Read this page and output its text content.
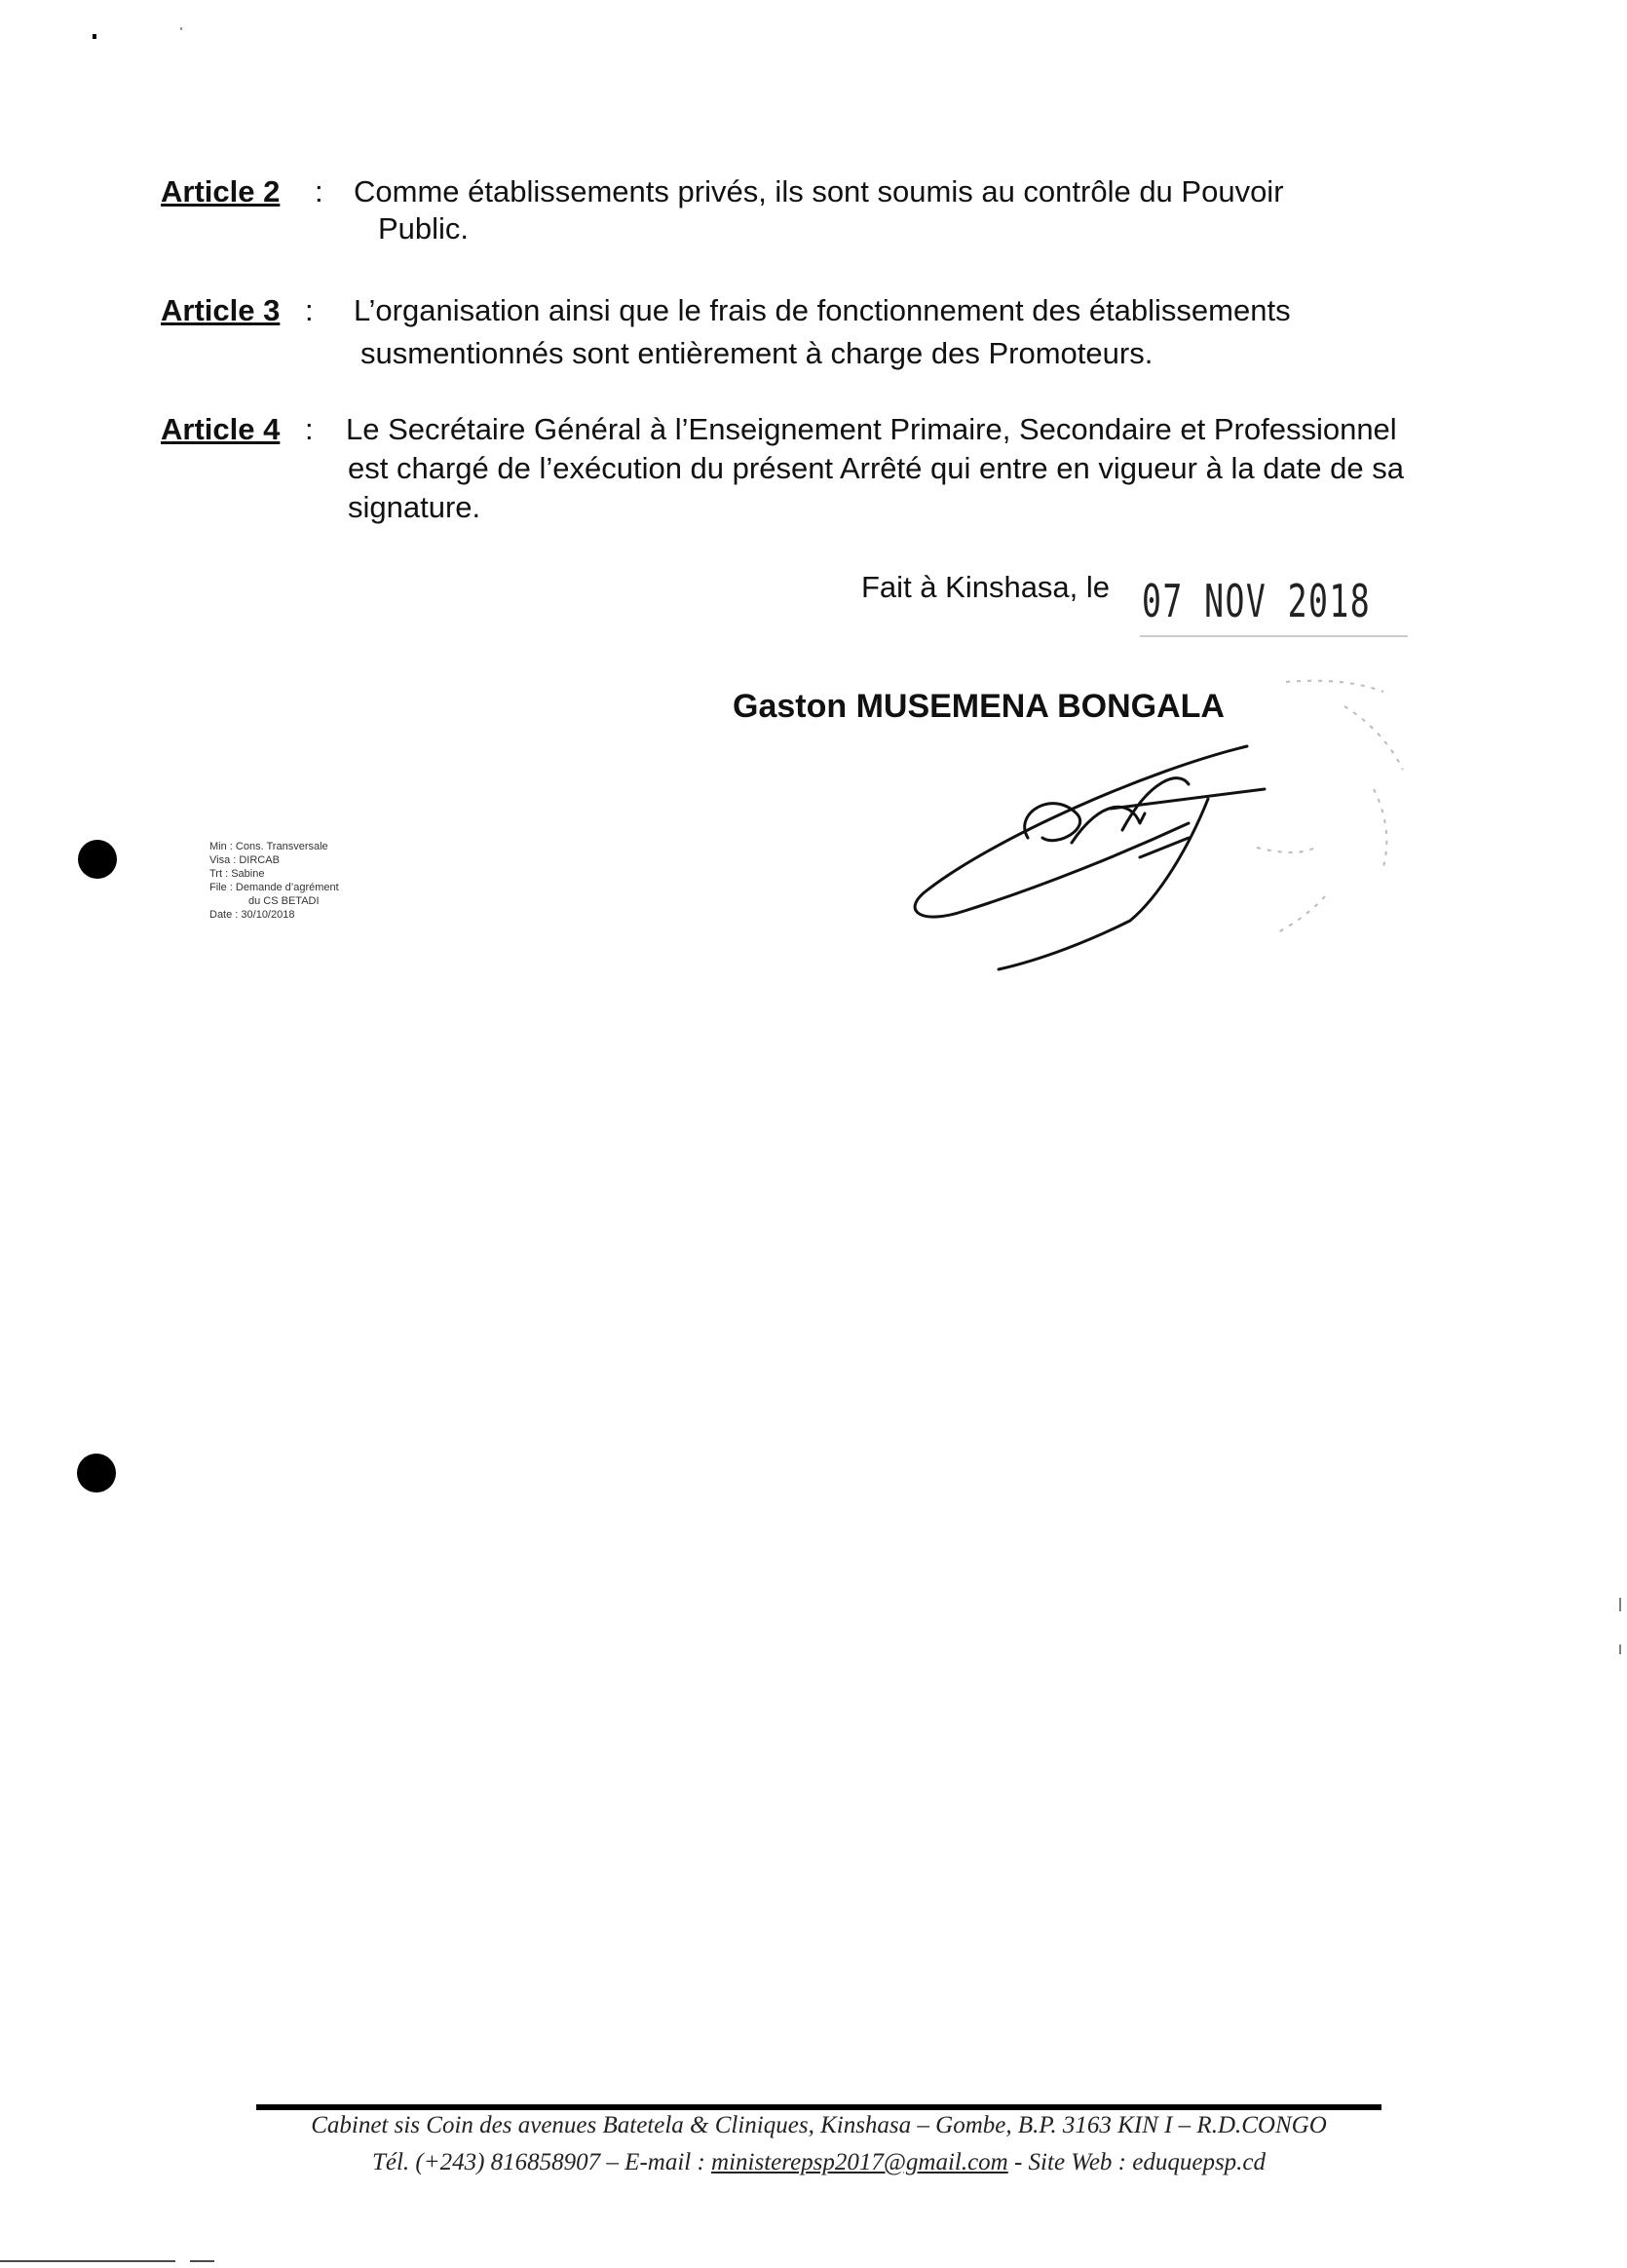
Article 2 : Comme établissements privés, ils sont soumis au contrôle du Pouvoir
Public.
Article 3 : L’organisation ainsi que le frais de fonctionnement des établissements
susmentionnés sont entièrement à charge des Promoteurs.
Article 4 : Le Secrétaire Général à l’Enseignement Primaire, Secondaire et Professionnel
est chargé de l’exécution du présent Arrêté qui entre en vigueur à la date de sa
signature.
Fait à Kinshasa, le 07 NOV 2018
Gaston MUSEMENA BONGALA
Min : Cons. Transversale
Visa : DIRCAB
Trt : Sabine
File : Demande d’agrément
du CS BETADI
Date : 30/10/2018
Cabinet sis Coin des avenues Batetela & Cliniques, Kinshasa – Gombe, B.P. 3163 KIN I – R.D.CONGO
Tél. (+243) 816858907 – E-mail : ministerepsp2017@gmail.com - Site Web : eduquepsp.cd
